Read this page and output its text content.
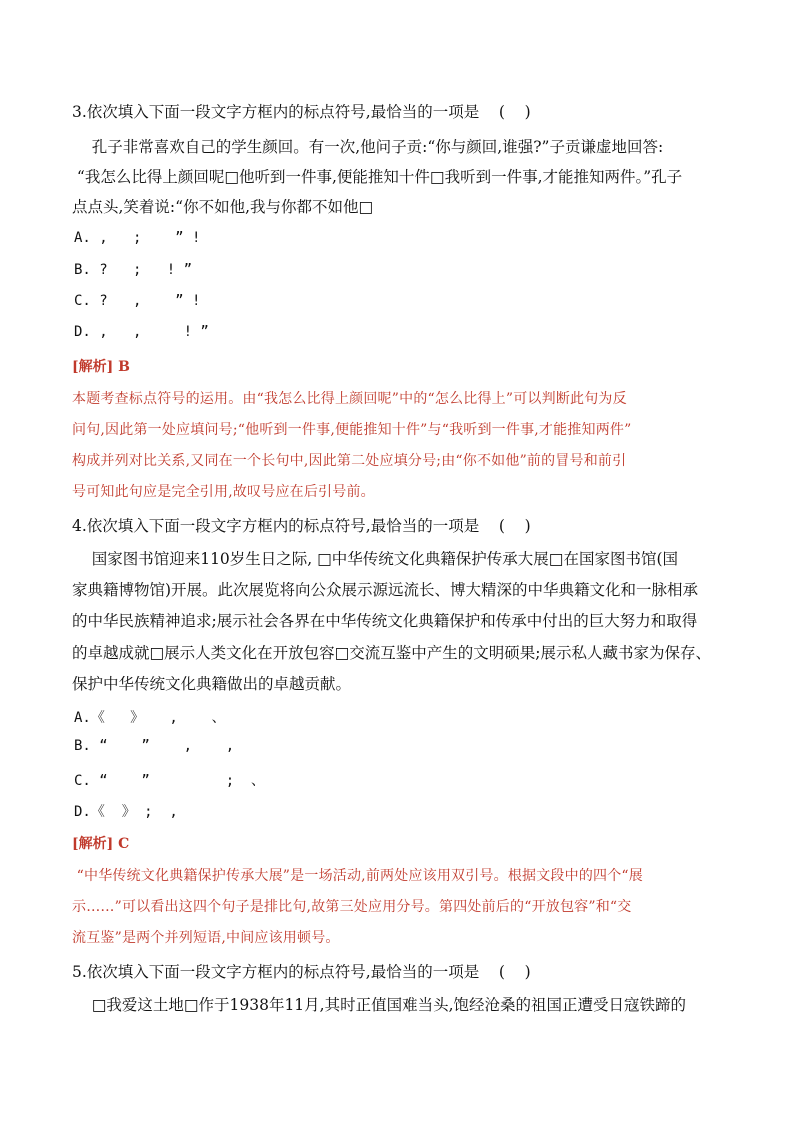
3.依次填入下面一段文字方框内的标点符号,最恰当的一项是    (    )
孔子非常喜欢自己的学生颜回。有一次,他问子贡:“你与颜回,谁强?”子贡谦虚地回答:
“我怎么比得上颜回呢□他听到一件事,便能推知十件□我听到一件事,才能推知两件。”孔子
点点头,笑着说:“你不如他,我与你都不如他□
A. ,   ;    ” !
B. ?   ;   ! ”
C. ?   ,    ” !
D. ,   ,     ! ”
[解析] B
本题考查标点符号的运用。由“我怎么比得上颜回呢”中的“怎么比得上”可以判断此句为反
问句,因此第一处应填问号;“他听到一件事,便能推知十件”与“我听到一件事,才能推知两件”
构成并列对比关系,又同在一个长句中,因此第二处应填分号;由“你不如他”前的冒号和前引
号可知此句应是完全引用,故叹号应在后引号前。
4.依次填入下面一段文字方框内的标点符号,最恰当的一项是    (    )
国家图书馆迎来110岁生日之际, □中华传统文化典籍保护传承大展□在国家图书馆(国
家典籍博物馆)开展。此次展览将向公众展示源远流长、博大精深的中华典籍文化和一脉相承
的中华民族精神追求;展示社会各界在中华传统文化典籍保护和传承中付出的巨大努力和取得
的卓越成就□展示人类文化在开放包容□交流互鉴中产生的文明硕果;展示私人藏书家为保存、
保护中华传统文化典籍做出的卓越贡献。
A.《   》   ,    、
B. “    ”    ,    ,
C. “    ”         ;  、
D.《  》 ;  ,
[解析] C
“中华传统文化典籍保护传承大展”是一场活动,前两处应该用双引号。根据文段中的四个“展
示……”可以看出这四个句子是排比句,故第三处应用分号。第四处前后的“开放包容”和“交
流互鉴”是两个并列短语,中间应该用顿号。
5.依次填入下面一段文字方框内的标点符号,最恰当的一项是    (    )
□我爱这土地□作于1938年11月,其时正值国难当头,饱经沧桑的祖国正遭受日寇铁蹄的
